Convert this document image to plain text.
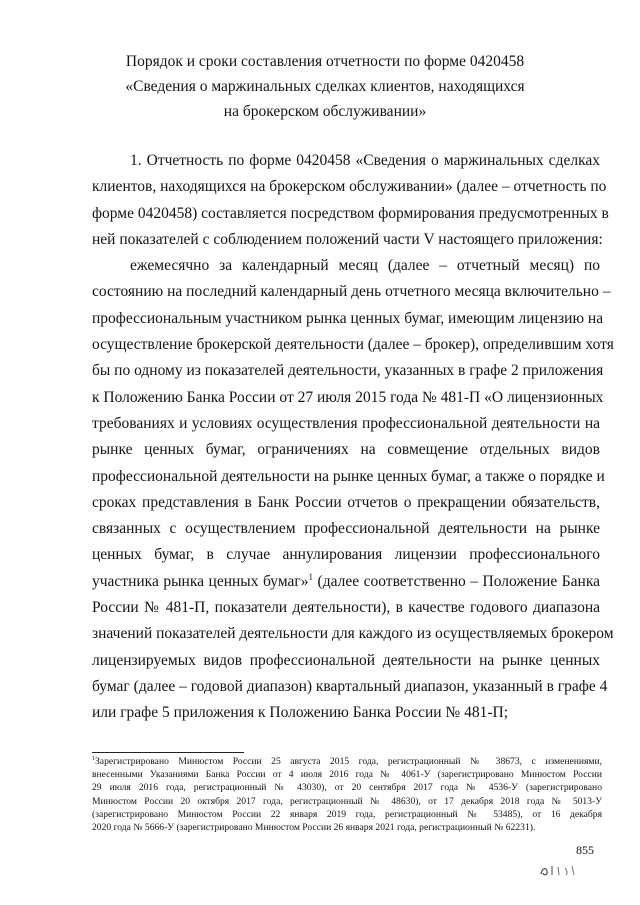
Порядок и сроки составления отчетности по форме 0420458
«Сведения о маржинальных сделках клиентов, находящихся
на брокерском обслуживании»
1. Отчетность по форме 0420458 «Сведения о маржинальных сделках
клиентов, находящихся на брокерском обслуживании» (далее – отчетность по
форме 0420458) составляется посредством формирования предусмотренных в
ней показателей с соблюдением положений части V настоящего приложения:
ежемесячно за календарный месяц (далее – отчетный месяц) по
состоянию на последний календарный день отчетного месяца включительно –
профессиональным участником рынка ценных бумаг, имеющим лицензию на
осуществление брокерской деятельности (далее – брокер), определившим хотя
бы по одному из показателей деятельности, указанных в графе 2 приложения
к Положению Банка России от 27 июля 2015 года № 481-П «О лицензионных
требованиях и условиях осуществления профессиональной деятельности на
рынке ценных бумаг, ограничениях на совмещение отдельных видов
профессиональной деятельности на рынке ценных бумаг, а также о порядке и
сроках представления в Банк России отчетов о прекращении обязательств,
связанных с осуществлением профессиональной деятельности на рынке
ценных бумаг, в случае аннулирования лицензии профессионального
участника рынка ценных бумаг»$^1$ (далее соответственно – Положение Банка
России № 481-П, показатели деятельности), в качестве годового диапазона
значений показателей деятельности для каждого из осуществляемых брокером
лицензируемых видов профессиональной деятельности на рынке ценных
бумаг (далее – годовой диапазон) квартальный диапазон, указанный в графе 4
или графе 5 приложения к Положению Банка России № 481-П;
$^1$Зарегистрировано Минюстом России 25 августа 2015 года, регистрационный № 38673, с изменениями,
внесенными Указаниями Банка России от 4 июля 2016 года № 4061-У (зарегистрировано Минюстом России
29 июля 2016 года, регистрационный № 43030), от 20 сентября 2017 года № 4536-У (зарегистрировано
Минюстом России 20 октября 2017 года, регистрационный № 48630), от 17 декабря 2018 года № 5013-У
(зарегистрировано Минюстом России 22 января 2019 года, регистрационный № 53485), от 16 декабря
2020 года № 5666-У (зарегистрировано Минюстом России 26 января 2021 года, регистрационный № 62231).
855
